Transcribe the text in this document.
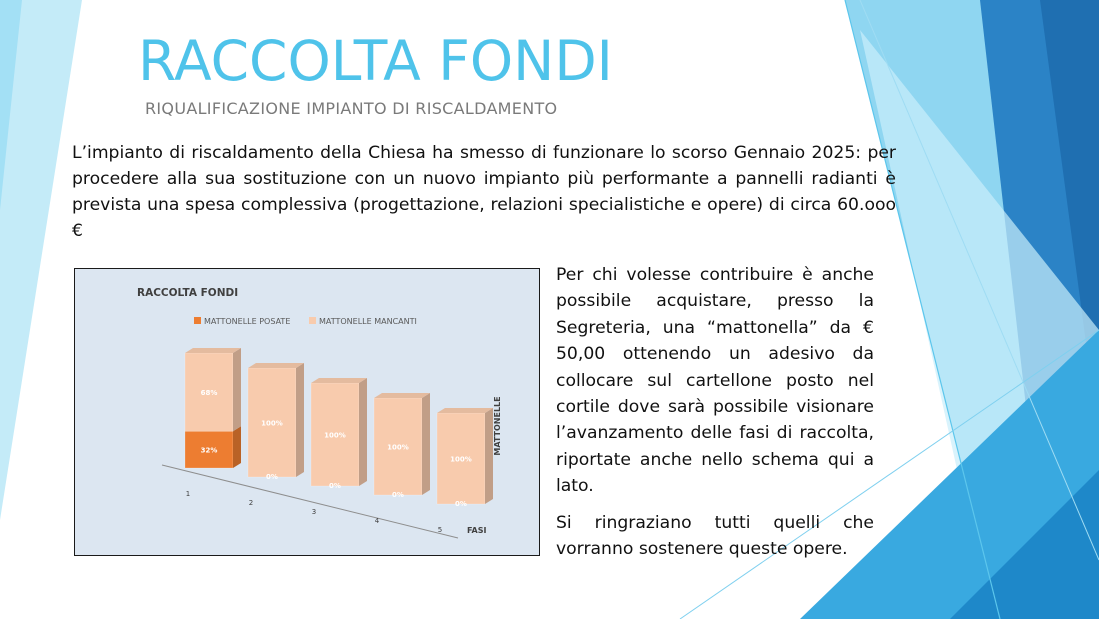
RACCOLTA FONDI
RIQUALIFICAZIONE IMPIANTO DI RISCALDAMENTO
L’impianto di riscaldamento della Chiesa ha smesso di funzionare lo scorso Gennaio 2025: per procedere alla sua sostituzione con un nuovo impianto più performante a pannelli radianti è prevista una spesa complessiva (progettazione, relazioni specialistiche e opere) di circa 60.ooo €

Per chi volesse contribuire è anche possibile acquistare, presso la Segreteria, una “mattonella” da € 50,00 ottenendo un adesivo da collocare sul cartellone posto nel cortile dove sarà possibile visionare l’avanzamento delle fasi di raccolta, riportate anche nello schema qui a lato.

Si ringraziano tutti quelli che vorranno sostenere queste opere.

RACCOLTA FONDI
MATTONELLE POSATE	MATTONELLE MANCANTI
32%
68%
1
0%
100%
2
0%
100%
3
0%
100%
4
0%
100%
5
MATTONELLE
FASI
